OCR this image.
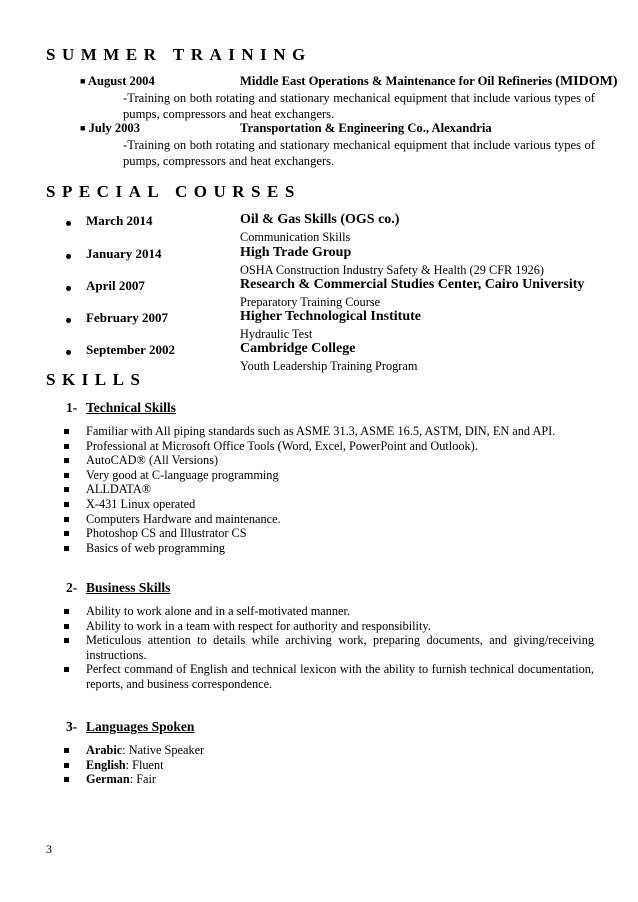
SUMMER TRAINING
■ August 2004	Middle East Operations & Maintenance for Oil Refineries (MIDOM)
-Training on both rotating and stationary mechanical equipment that include various types of pumps, compressors and heat exchangers.
■ July 2003	Transportation & Engineering Co., Alexandria
-Training on both rotating and stationary mechanical equipment that include various types of pumps, compressors and heat exchangers.
SPECIAL COURSES
March 2014	Oil & Gas Skills (OGS co.)
Communication Skills
January 2014	High Trade Group
OSHA Construction Industry Safety & Health (29 CFR 1926)
April 2007	Research & Commercial Studies Center, Cairo University
Preparatory Training Course
February 2007	Higher Technological Institute
Hydraulic Test
September 2002	Cambridge College
Youth Leadership Training Program
SKILLS
1- Technical Skills
Familiar with All piping standards such as ASME 31.3, ASME 16.5, ASTM, DIN, EN and API.
Professional at Microsoft Office Tools (Word, Excel, PowerPoint and Outlook).
AutoCAD® (All Versions)
Very good at C-language programming
ALLDATA®
X-431 Linux operated
Computers Hardware and maintenance.
Photoshop CS and Illustrator CS
Basics of web programming
2- Business Skills
Ability to work alone and in a self-motivated manner.
Ability to work in a team with respect for authority and responsibility.
Meticulous attention to details while archiving work, preparing documents, and giving/receiving instructions.
Perfect command of English and technical lexicon with the ability to furnish technical documentation, reports, and business correspondence.
3- Languages Spoken
Arabic: Native Speaker
English: Fluent
German: Fair
3
